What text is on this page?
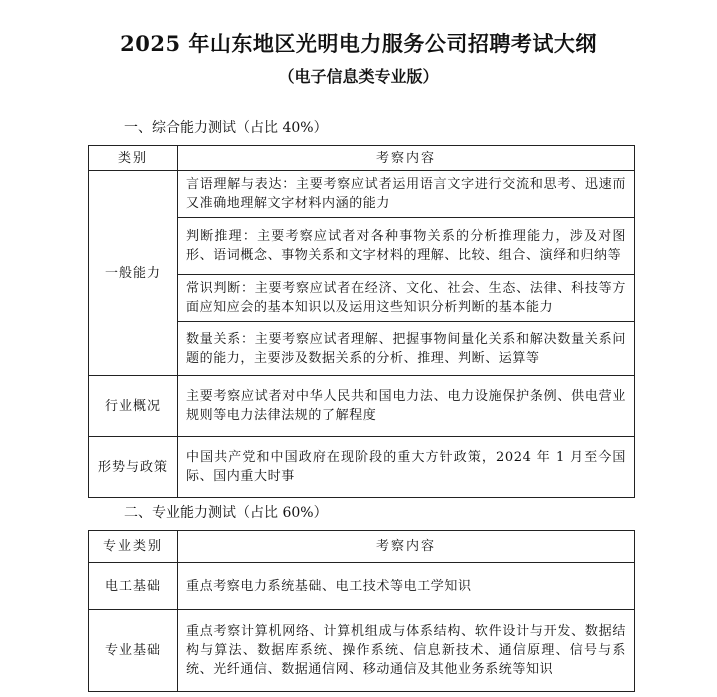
2025 年山东地区光明电力服务公司招聘考试大纲
（电子信息类专业版）
一、综合能力测试（占比 40%）
类别	考察内容
一般能力	言语理解与表达：主要考察应试者运用语言文字进行交流和思考、迅速而又准确地理解文字材料内涵的能力
	判断推理：主要考察应试者对各种事物关系的分析推理能力，涉及对图形、语词概念、事物关系和文字材料的理解、比较、组合、演绎和归纳等
	常识判断：主要考察应试者在经济、文化、社会、生态、法律、科技等方面应知应会的基本知识以及运用这些知识分析判断的基本能力
	数量关系：主要考察应试者理解、把握事物间量化关系和解决数量关系问题的能力，主要涉及数据关系的分析、推理、判断、运算等
行业概况	主要考察应试者对中华人民共和国电力法、电力设施保护条例、供电营业规则等电力法律法规的了解程度
形势与政策	中国共产党和中国政府在现阶段的重大方针政策，2024 年 1 月至今国际、国内重大时事
二、专业能力测试（占比 60%）
专业类别	考察内容
电工基础	重点考察电力系统基础、电工技术等电工学知识
专业基础	重点考察计算机网络、计算机组成与体系结构、软件设计与开发、数据结构与算法、数据库系统、操作系统、信息新技术、通信原理、信号与系统、光纤通信、数据通信网、移动通信及其他业务系统等知识
